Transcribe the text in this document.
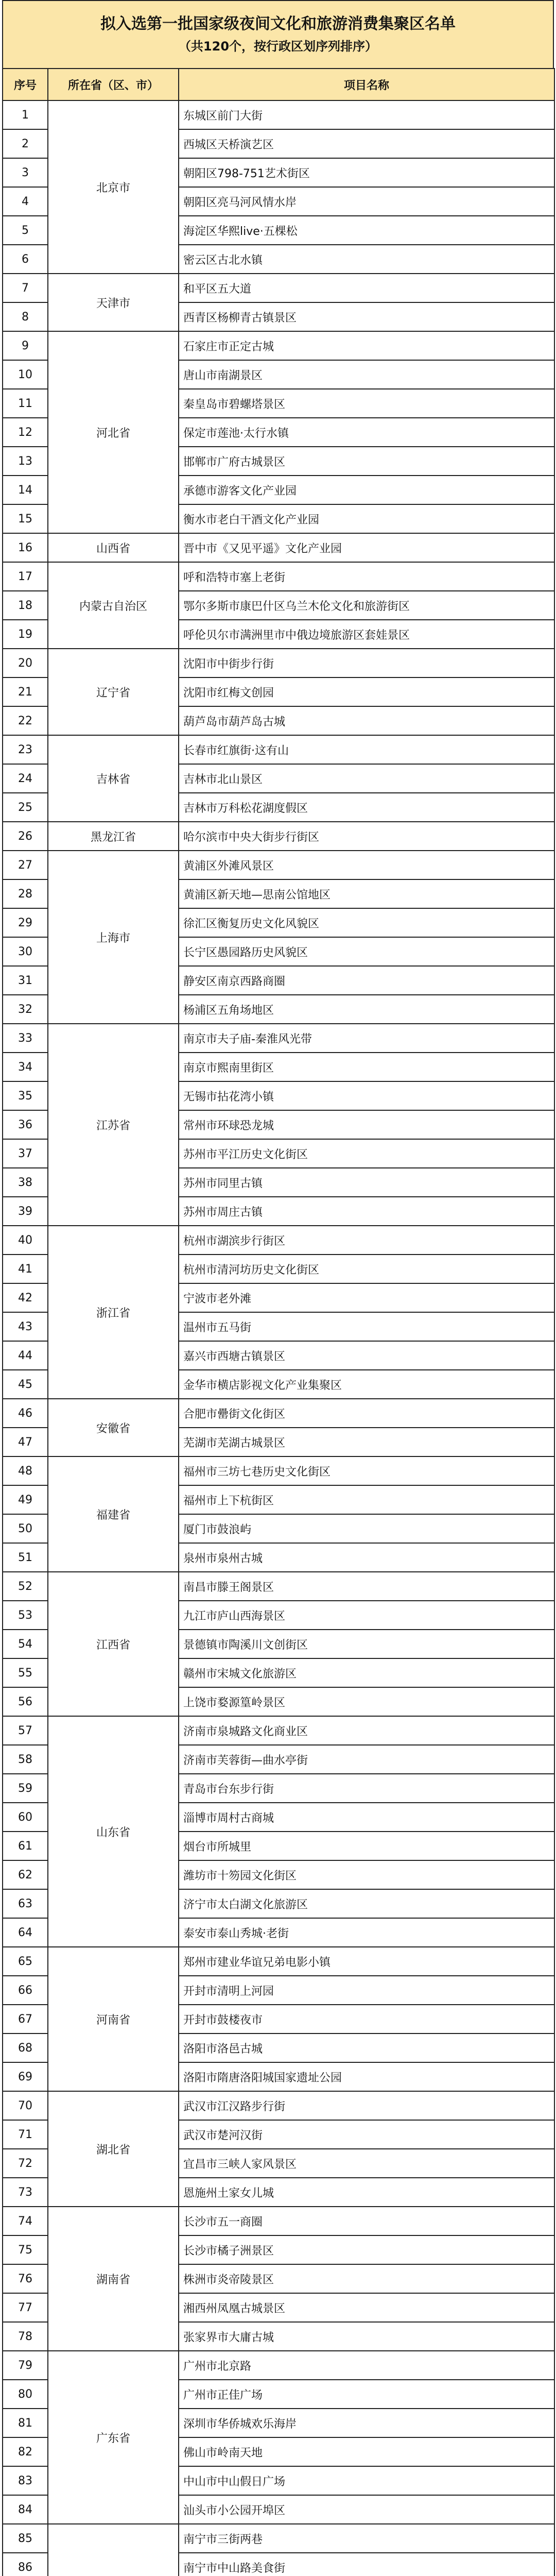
拟入选第一批国家级夜间文化和旅游消费集聚区名单
（共120个，按行政区划序列排序）
序号	所在省（区、市）	项目名称
1	北京市	东城区前门大街
2		西城区天桥演艺区
3		朝阳区798-751艺术街区
4		朝阳区亮马河风情水岸
5		海淀区华熙live·五棵松
6		密云区古北水镇
7	天津市	和平区五大道
8		西青区杨柳青古镇景区
9	河北省	石家庄市正定古城
10		唐山市南湖景区
11		秦皇岛市碧螺塔景区
12		保定市莲池·太行水镇
13		邯郸市广府古城景区
14		承德市游客文化产业园
15		衡水市老白干酒文化产业园
16	山西省	晋中市《又见平遥》文化产业园
17	内蒙古自治区	呼和浩特市塞上老街
18		鄂尔多斯市康巴什区乌兰木伦文化和旅游街区
19		呼伦贝尔市满洲里市中俄边境旅游区套娃景区
20	辽宁省	沈阳市中街步行街
21		沈阳市红梅文创园
22		葫芦岛市葫芦岛古城
23	吉林省	长春市红旗街·这有山
24		吉林市北山景区
25		吉林市万科松花湖度假区
26	黑龙江省	哈尔滨市中央大街步行街区
27	上海市	黄浦区外滩风景区
28		黄浦区新天地—思南公馆地区
29		徐汇区衡复历史文化风貌区
30		长宁区愚园路历史风貌区
31		静安区南京西路商圈
32		杨浦区五角场地区
33	江苏省	南京市夫子庙-秦淮风光带
34		南京市熙南里街区
35		无锡市拈花湾小镇
36		常州市环球恐龙城
37		苏州市平江历史文化街区
38		苏州市同里古镇
39		苏州市周庄古镇
40	浙江省	杭州市湖滨步行街区
41		杭州市清河坊历史文化街区
42		宁波市老外滩
43		温州市五马街
44		嘉兴市西塘古镇景区
45		金华市横店影视文化产业集聚区
46	安徽省	合肥市罍街文化街区
47		芜湖市芜湖古城景区
48	福建省	福州市三坊七巷历史文化街区
49		福州市上下杭街区
50		厦门市鼓浪屿
51		泉州市泉州古城
52	江西省	南昌市滕王阁景区
53		九江市庐山西海景区
54		景德镇市陶溪川文创街区
55		赣州市宋城文化旅游区
56		上饶市婺源篁岭景区
57	山东省	济南市泉城路文化商业区
58		济南市芙蓉街—曲水亭街
59		青岛市台东步行街
60		淄博市周村古商城
61		烟台市所城里
62		潍坊市十笏园文化街区
63		济宁市太白湖文化旅游区
64		泰安市泰山秀城·老街
65	河南省	郑州市建业华谊兄弟电影小镇
66		开封市清明上河园
67		开封市鼓楼夜市
68		洛阳市洛邑古城
69		洛阳市隋唐洛阳城国家遗址公园
70	湖北省	武汉市江汉路步行街
71		武汉市楚河汉街
72		宜昌市三峡人家风景区
73		恩施州土家女儿城
74	湖南省	长沙市五一商圈
75		长沙市橘子洲景区
76		株洲市炎帝陵景区
77		湘西州凤凰古城景区
78		张家界市大庸古城
79	广东省	广州市北京路
80		广州市正佳广场
81		深圳市华侨城欢乐海岸
82		佛山市岭南天地
83		中山市中山假日广场
84		汕头市小公园开埠区
85		南宁市三街两巷
86		南宁市中山路美食街
